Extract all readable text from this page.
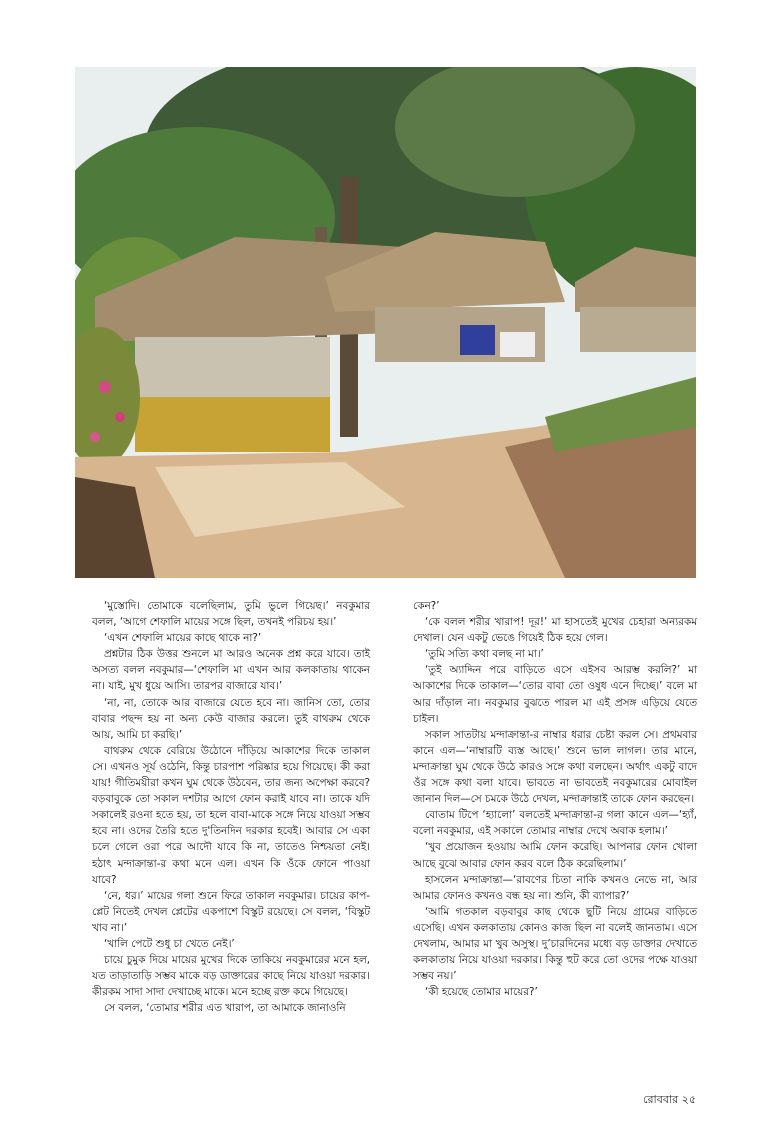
‘মুস্তোদি। তোমাকে বলেছিলাম, তুমি ভুলে গিয়েছ।’ নবকুমার বলল, ‘আগে শেফালি মায়ের সঙ্গে ছিল, তখনই পরিচয় হয়।’

‘এখন শেফালি মায়ের কাছে থাকে না?’

প্রশ্নটার ঠিক উত্তর শুনলে মা আরও অনেক প্রশ্ন করে যাবে। তাই অসত্য বলল নবকুমার—‘শেফালি মা এখন আর কলকাতায় থাকেন না। যাই, মুখ ধুয়ে আসি। তারপর বাজারে যাব।’

‘না, না, তোকে আর বাজারে যেতে হবে না। জানিস তো, তোর বাবার পছন্দ হয় না অন্য কেউ বাজার করলে। তুই বাথরুম থেকে আয়, আমি চা করছি।’

বাথরুম থেকে বেরিয়ে উঠোনে দাঁড়িয়ে আকাশের দিকে তাকাল সে। এখনও সূর্য ওঠেনি, কিন্তু চারপাশ পরিষ্কার হয়ে গিয়েছে। কী করা যায়! গীতিময়ীরা কখন ঘুম থেকে উঠবেন, তার জন্য অপেক্ষা করবে? বড়বাবুকে তো সকাল দশটার আগে ফোন করাই যাবে না। তাকে যদি সকালেই রওনা হতে হয়, তা হলে বাবা-মাকে সঙ্গে নিয়ে যাওয়া সম্ভব হবে না। ওদের তৈরি হতে দু'তিনদিন দরকার হবেই। আবার সে একা চলে গেলে ওরা পরে আদৌ যাবে কি না, তাতেও নিশ্চয়তা নেই। হঠাৎ মন্দাক্রান্তা-র কথা মনে এল। এখন কি ওঁকে ফোনে পাওয়া যাবে?

‘নে, ধর।’ মায়ের গলা শুনে ফিরে তাকাল নবকুমার। চায়ের কাপ-প্লেট নিতেই দেখল প্লেটের একপাশে বিস্কুট রয়েছে। সে বলল, ‘বিস্কুট খাব না।’

‘খালি পেটে শুধু চা খেতে নেই।’

চায়ে চুমুক দিয়ে মায়ের মুখের দিকে তাকিয়ে নবকুমারের মনে হল, যত তাড়াতাড়ি সম্ভব মাকে বড় ডাক্তারের কাছে নিয়ে যাওয়া দরকার। কীরকম সাদা সাদা দেখাচ্ছে মাকে। মনে হচ্ছে রক্ত কমে গিয়েছে।

সে বলল, ‘তোমার শরীর এত খারাপ, তা আমাকে জানাওনি

কেন?’

‘কে বলল শরীর খারাপ! দূর!’ মা হাসতেই মুখের চেহারা অন্যরকম দেখাল। যেন একটু ভেঙে গিয়েই ঠিক হয়ে গেল।

‘তুমি সত্যি কথা বলছ না মা।’

‘তুই অ্যাদ্দিন পরে বাড়িতে এসে এইসব আরম্ভ করলি?’ মা আকাশের দিকে তাকাল—‘তোর বাবা তো ওষুধ এনে দিচ্ছে।’ বলে মা আর দাঁড়াল না। নবকুমার বুঝতে পারল মা এই প্রসঙ্গ এড়িয়ে যেতে চাইল।

সকাল সাতটায় মন্দাক্রান্তা-র নাম্বার ধরার চেষ্টা করল সে। প্রথমবার কানে এল—‘নাম্বারটি ব্যস্ত আছে।’ শুনে ভাল লাগল। তার মানে, মন্দাক্রান্তা ঘুম থেকে উঠে কারও সঙ্গে কথা বলছেন। অর্থাৎ একটু বাদে ওঁর সঙ্গে কথা বলা যাবে। ভাবতে না ভাবতেই নবকুমারের মোবাইল জানান দিল—সে চমকে উঠে দেখল, মন্দাক্রান্তাই তাকে ফোন করছেন।

বোতাম টিপে ‘হ্যালো’ বলতেই মন্দাক্রান্তা-র গলা কানে এল—‘হ্যাঁ, বলো নবকুমার, এই সকালে তোমার নাম্বার দেখে অবাক হলাম।’

‘খুব প্রয়োজন হওয়ায় আমি ফোন করেছি। আপনার ফোন খোলা আছে বুঝে আবার ফোন করব বলে ঠিক করেছিলাম।’

হাসলেন মন্দাক্রান্তা—‘রাবণের চিতা নাকি কখনও নেভে না, আর আমার ফোনও কখনও বন্ধ হয় না। শুনি, কী ব্যাপার?’

‘আমি গতকাল বড়বাবুর কাছ থেকে ছুটি নিয়ে গ্রামের বাড়িতে এসেছি। এখন কলকাতায় কোনও কাজ ছিল না বলেই জানতাম। এসে দেখলাম, আমার মা খুব অসুস্থ। দু’চারদিনের মধ্যে বড় ডাক্তার দেখাতে কলকাতায় নিয়ে যাওয়া দরকার। কিন্তু হুট করে তো ওদের পক্ষে যাওয়া সম্ভব নয়।’

‘কী হয়েছে তোমার মায়ের?’

রোববার ২৫
